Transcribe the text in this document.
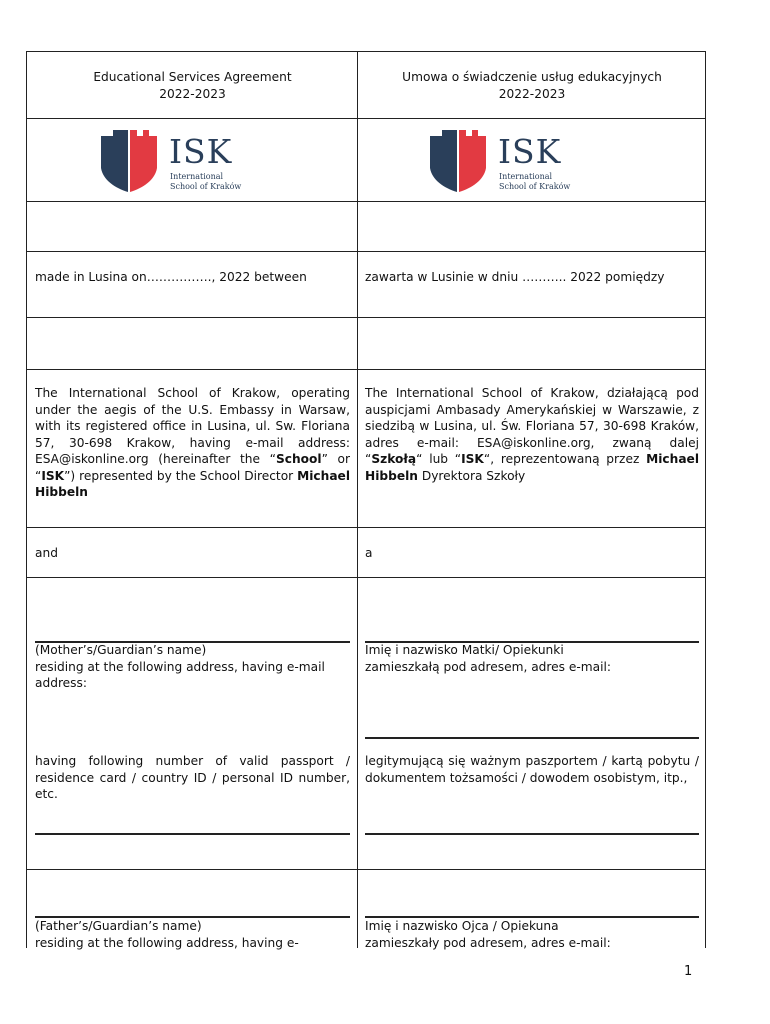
Educational Services Agreement
2022-2023
Umowa o świadczenie usług edukacyjnych
2022-2023
ISK
International
School of Kraków
ISK
International
School of Kraków
made in Lusina on……………., 2022 between	zawarta w Lusinie w dniu ……….. 2022 pomiędzy
The International School of Krakow, operating under the aegis of the U.S. Embassy in Warsaw, with its registered office in Lusina, ul. Sw. Floriana 57, 30-698 Krakow, having e-mail address: ESA@iskonline.org (hereinafter the “School” or “ISK”) represented by the School Director Michael Hibbeln
The International School of Krakow, działającą pod auspicjami Ambasady Amerykańskiej w Warszawie, z siedzibą w Lusina, ul. Św. Floriana 57, 30-698 Kraków, adres e-mail: ESA@iskonline.org, zwaną dalej “Szkołą“ lub “ISK“, reprezentowaną przez Michael Hibbeln Dyrektora Szkoły
and	a
(Mother’s/Guardian’s name)
residing at the following address, having e-mail address:
Imię i nazwisko Matki/ Opiekunki
zamieszkałą pod adresem, adres e-mail:
having following number of valid passport / residence card / country ID / personal ID number, etc.
legitymującą się ważnym paszportem / kartą pobytu / dokumentem tożsamości / dowodem osobistym, itp.,
(Father’s/Guardian’s name)
residing at the following address, having e-
Imię i nazwisko Ojca / Opiekuna
zamieszkały pod adresem, adres e-mail:
1
